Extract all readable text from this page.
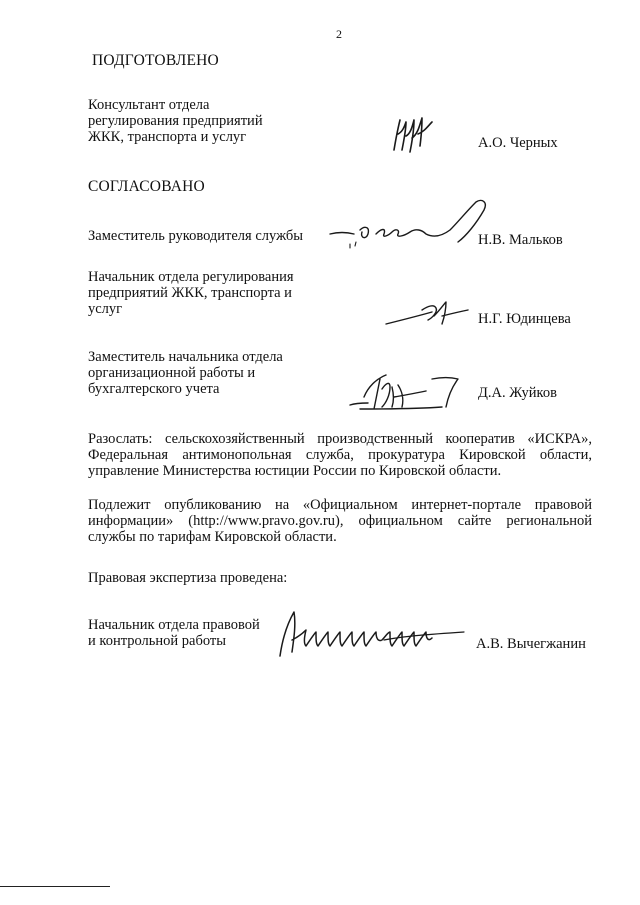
2
ПОДГОТОВЛЕНО
Консультант отдела
регулирования предприятий
ЖКК, транспорта и услуг	А.О. Черных
СОГЛАСОВАНО
Заместитель руководителя службы	Н.В. Мальков
Начальник отдела регулирования
предприятий ЖКК, транспорта и
услуг
Н.Г. Юдинцева
Заместитель начальника отдела
организационной работы и
бухгалтерского учета	Д.А. Жуйков
Разослать: сельскохозяйственный производственный кооператив «ИСКРА», Федеральная антимонопольная служба, прокуратура Кировской области, управление Министерства юстиции России по Кировской области.
Подлежит опубликованию на «Официальном интернет-портале правовой информации» (http://www.pravo.gov.ru), официальном сайте региональной службы по тарифам Кировской области.
Правовая экспертиза проведена:
Начальник отдела правовой
и контрольной работы	А.В. Вычегжанин
